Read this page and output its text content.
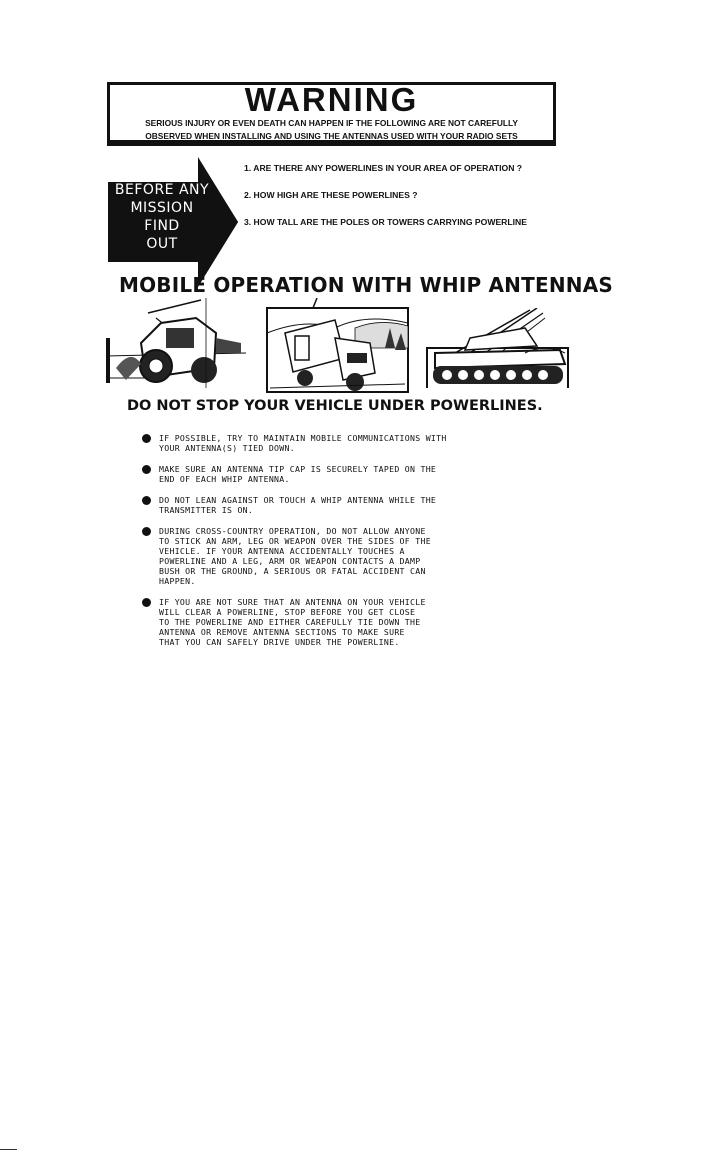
WARNING
SERIOUS INJURY OR EVEN DEATH CAN HAPPEN IF THE FOLLOWING ARE NOT CAREFULLY
OBSERVED WHEN INSTALLING AND USING THE ANTENNAS USED WITH YOUR RADIO SETS
BEFORE ANY
MISSION FIND
OUT
1. ARE THERE ANY POWERLINES IN YOUR AREA OF OPERATION ?
2. HOW HIGH ARE THESE POWERLINES ?
3. HOW TALL ARE THE POLES OR TOWERS CARRYING POWERLINE
MOBILE OPERATION WITH WHIP ANTENNAS
DO NOT STOP YOUR VEHICLE UNDER POWERLINES.
IF POSSIBLE, TRY TO MAINTAIN MOBILE COMMUNICATIONS WITH
YOUR ANTENNA(S) TIED DOWN.
MAKE SURE AN ANTENNA TIP CAP IS SECURELY TAPED ON THE
END OF EACH WHIP ANTENNA.
DO NOT LEAN AGAINST OR TOUCH A WHIP ANTENNA WHILE THE
TRANSMITTER IS ON.
DURING CROSS-COUNTRY OPERATION, DO NOT ALLOW ANYONE
TO STICK AN ARM, LEG OR WEAPON OVER THE SIDES OF THE
VEHICLE. IF YOUR ANTENNA ACCIDENTALLY TOUCHES A
POWERLINE AND A LEG, ARM OR WEAPON CONTACTS A DAMP
BUSH OR THE GROUND, A SERIOUS OR FATAL ACCIDENT CAN
HAPPEN.
IF YOU ARE NOT SURE THAT AN ANTENNA ON YOUR VEHICLE
WILL CLEAR A POWERLINE, STOP BEFORE YOU GET CLOSE
TO THE POWERLINE AND EITHER CAREFULLY TIE DOWN THE
ANTENNA OR REMOVE ANTENNA SECTIONS TO MAKE SURE
THAT YOU CAN SAFELY DRIVE UNDER THE POWERLINE.
